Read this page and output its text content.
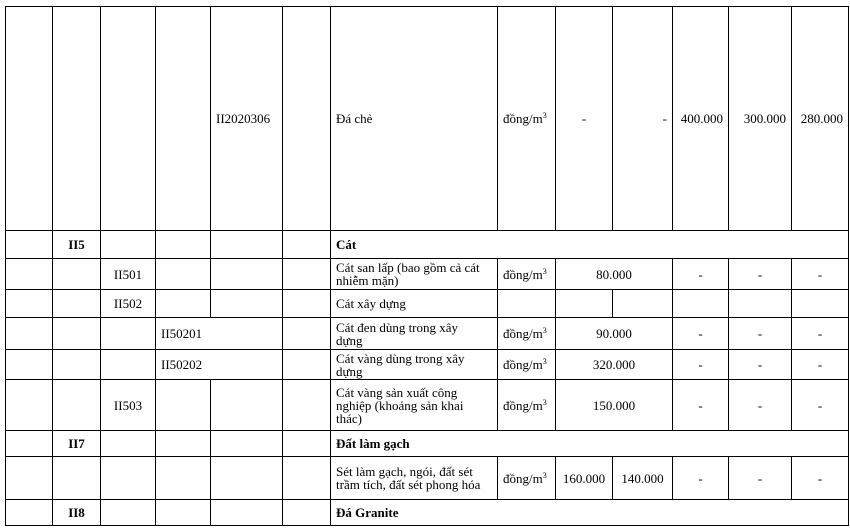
				II2020306		Đá chẻ	đồng/$m^3$	-	-	400.000	300.000	280.000
	II5					Cát						
		II501				Cát san lấp (bao gồm cả cát
nhiễm mặn)	đồng/$m^3$	80.000		-	-	-
		II502				Cát xây dựng						
			II50201			Cát đen dùng trong xây
dựng	đồng/$m^3$	90.000		-	-	-
			II50202			Cát vàng dùng trong xây
dựng	đồng/$m^3$	320.000		-	-	-
		II503				Cát vàng sản xuất công
nghiệp (khoáng sản khai
thác)	đồng/$m^3$	150.000		-	-	-
	II7					Đất làm gạch						

						Sét làm gạch, ngói, đất sét
trầm tích, đất sét phong hóa	đồng/$m^3$	160.000	140.000	-	-	-
	II8					Đá Granite						
